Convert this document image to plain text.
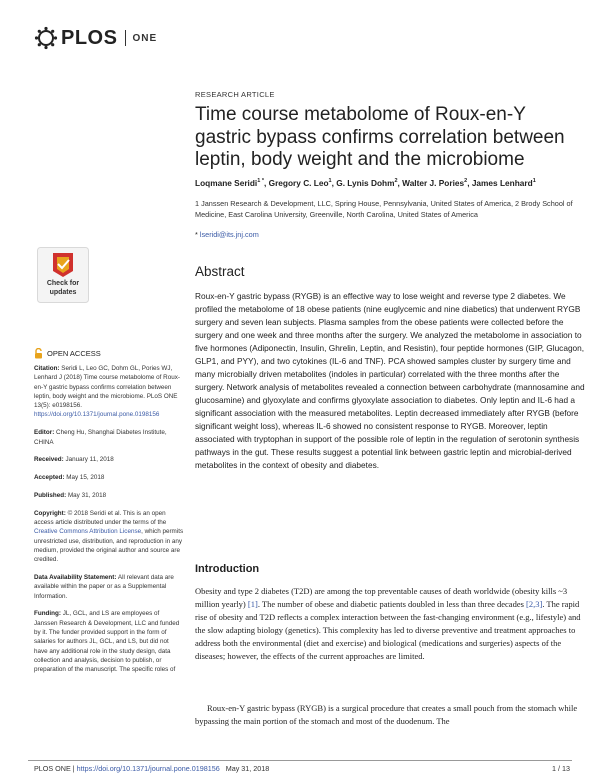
PLOS ONE
RESEARCH ARTICLE
Time course metabolome of Roux-en-Y gastric bypass confirms correlation between leptin, body weight and the microbiome
Loqmane Seridi$^{1 *}$, Gregory C. Leo$^1$, G. Lynis Dohm$^2$, Walter J. Pories$^2$, James Lenhard$^1$
1 Janssen Research & Development, LLC, Spring House, Pennsylvania, United States of America, 2 Brody School of Medicine, East Carolina University, Greenville, North Carolina, United States of America
* lseridi@its.jnj.com
Check for
updates
OPEN ACCESS

Citation: Seridi L, Leo GC, Dohm GL, Pories WJ, Lenhard J (2018) Time course metabolome of Roux-en-Y gastric bypass confirms correlation between leptin, body weight and the microbiome. PLoS ONE 13(5): e0198156. https://doi.org/10.1371/journal.pone.0198156

Editor: Cheng Hu, Shanghai Diabetes Institute, CHINA

Received: January 11, 2018

Accepted: May 15, 2018

Published: May 31, 2018

Copyright: © 2018 Seridi et al. This is an open access article distributed under the terms of the Creative Commons Attribution License, which permits unrestricted use, distribution, and reproduction in any medium, provided the original author and source are credited.

Data Availability Statement: All relevant data are available within the paper or as a Supplemental Information.

Funding: JL, GCL, and LS are employees of Janssen Research & Development, LLC and funded by it. The funder provided support in the form of salaries for authors JL, GCL, and LS, but did not have any additional role in the study design, data collection and analysis, decision to publish, or preparation of the manuscript. The specific roles of

Abstract

Roux-en-Y gastric bypass (RYGB) is an effective way to lose weight and reverse type 2 diabetes. We profiled the metabolome of 18 obese patients (nine euglycemic and nine diabetics) that underwent RYGB surgery and seven lean subjects. Plasma samples from the obese patients were collected before the surgery and one week and three months after the surgery. We analyzed the metabolome in association to five hormones (Adiponectin, Insulin, Ghrelin, Leptin, and Resistin), four peptide hormones (GIP, Glucagon, GLP1, and PYY), and two cytokines (IL-6 and TNF). PCA showed samples cluster by surgery time and many microbially driven metabolites (indoles in particular) correlated with the three months after the surgery. Network analysis of metabolites revealed a connection between carbohydrate (mannosamine and glucosamine) and glyoxylate and confirms glyoxylate association to diabetes. Only leptin and IL-6 had a significant association with the measured metabolites. Leptin decreased immediately after RYGB (before significant weight loss), whereas IL-6 showed no consistent response to RYGB. Moreover, leptin associated with tryptophan in support of the possible role of leptin in the regulation of serotonin synthesis pathways in the gut. These results suggest a potential link between gastric leptin and microbial-derived metabolites in the context of obesity and diabetes.

Introduction

Obesity and type 2 diabetes (T2D) are among the top preventable causes of death worldwide (obesity kills ~3 million yearly) [1]. The number of obese and diabetic patients doubled in less than three decades [2,3]. The rapid rise of obesity and T2D reflects a complex interaction between the fast-changing environment (e.g., lifestyle) and the slow adapting biology (genetics). This complexity has led to diverse preventive and treatment approaches to address both the environmental (diet and exercise) and biological (medications and surgeries) aspects of the diseases; however, the effects of the current approaches are limited.

Roux-en-Y gastric bypass (RYGB) is a surgical procedure that creates a small pouch from the stomach while bypassing the main portion of the stomach and most of the duodenum. The

PLOS ONE | https://doi.org/10.1371/journal.pone.0198156 May 31, 2018	1 / 13
